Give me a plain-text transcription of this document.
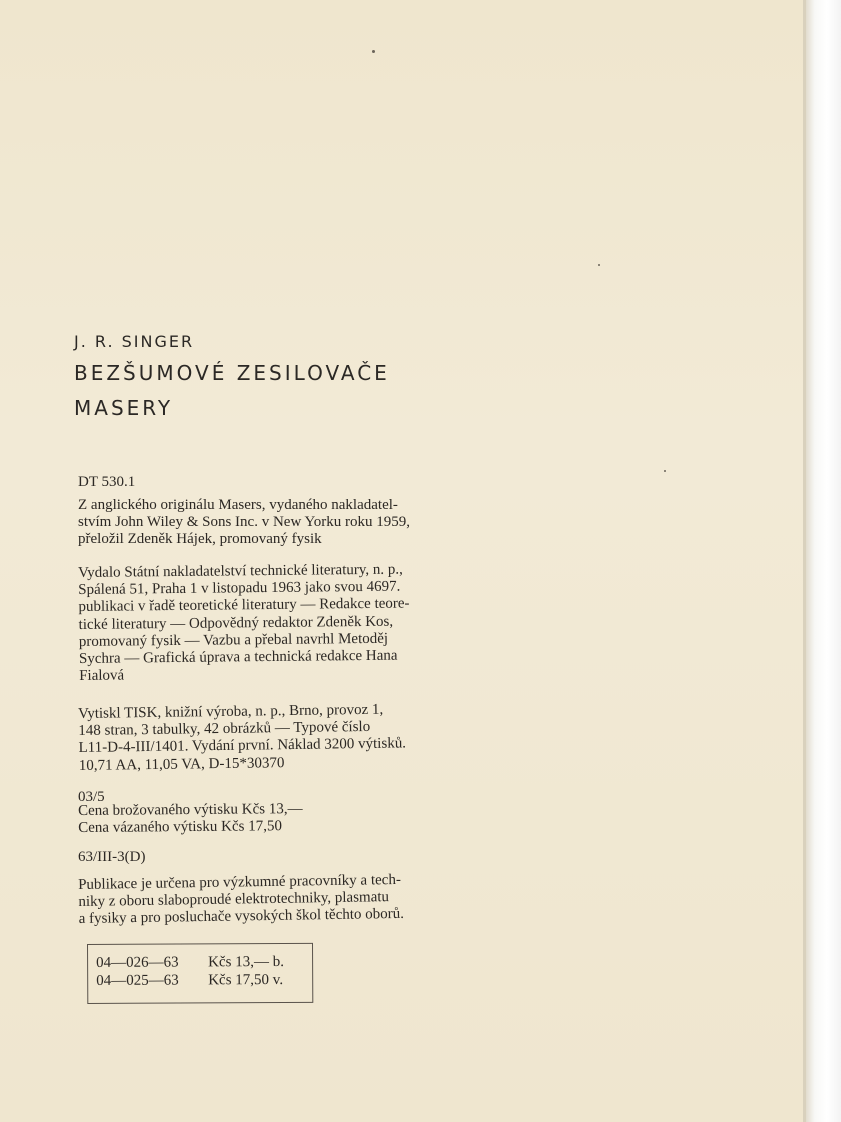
J. R. SINGER
BEZŠUMOVÉ ZESILOVAČE
MASERY
DT 530.1
Z anglického originálu Masers, vydaného nakladatel-
stvím John Wiley & Sons Inc. v New Yorku roku 1959,
přeložil Zdeněk Hájek, promovaný fysik
Vydalo Státní nakladatelství technické literatury, n. p.,
Spálená 51, Praha 1 v listopadu 1963 jako svou 4697.
publikaci v řadě teoretické literatury — Redakce teore-
tické literatury — Odpovědný redaktor Zdeněk Kos,
promovaný fysik — Vazbu a přebal navrhl Metoděj
Sychra — Grafická úprava a technická redakce Hana
Fialová
Vytiskl TISK, knižní výroba, n. p., Brno, provoz 1,
148 stran, 3 tabulky, 42 obrázků — Typové číslo
L11-D-4-III/1401. Vydání první. Náklad 3200 výtisků.
10,71 AA, 11,05 VA, D-15*30370
03/5
Cena brožovaného výtisku Kčs 13,—
Cena vázaného výtisku Kčs 17,50
63/III-3(D)
Publikace je určena pro výzkumné pracovníky a tech-
niky z oboru slaboproudé elektrotechniky, plasmatu
a fysiky a pro posluchače vysokých škol těchto oborů.
04—026—63 Kčs 13,— b.
04—025—63 Kčs 17,50 v.
